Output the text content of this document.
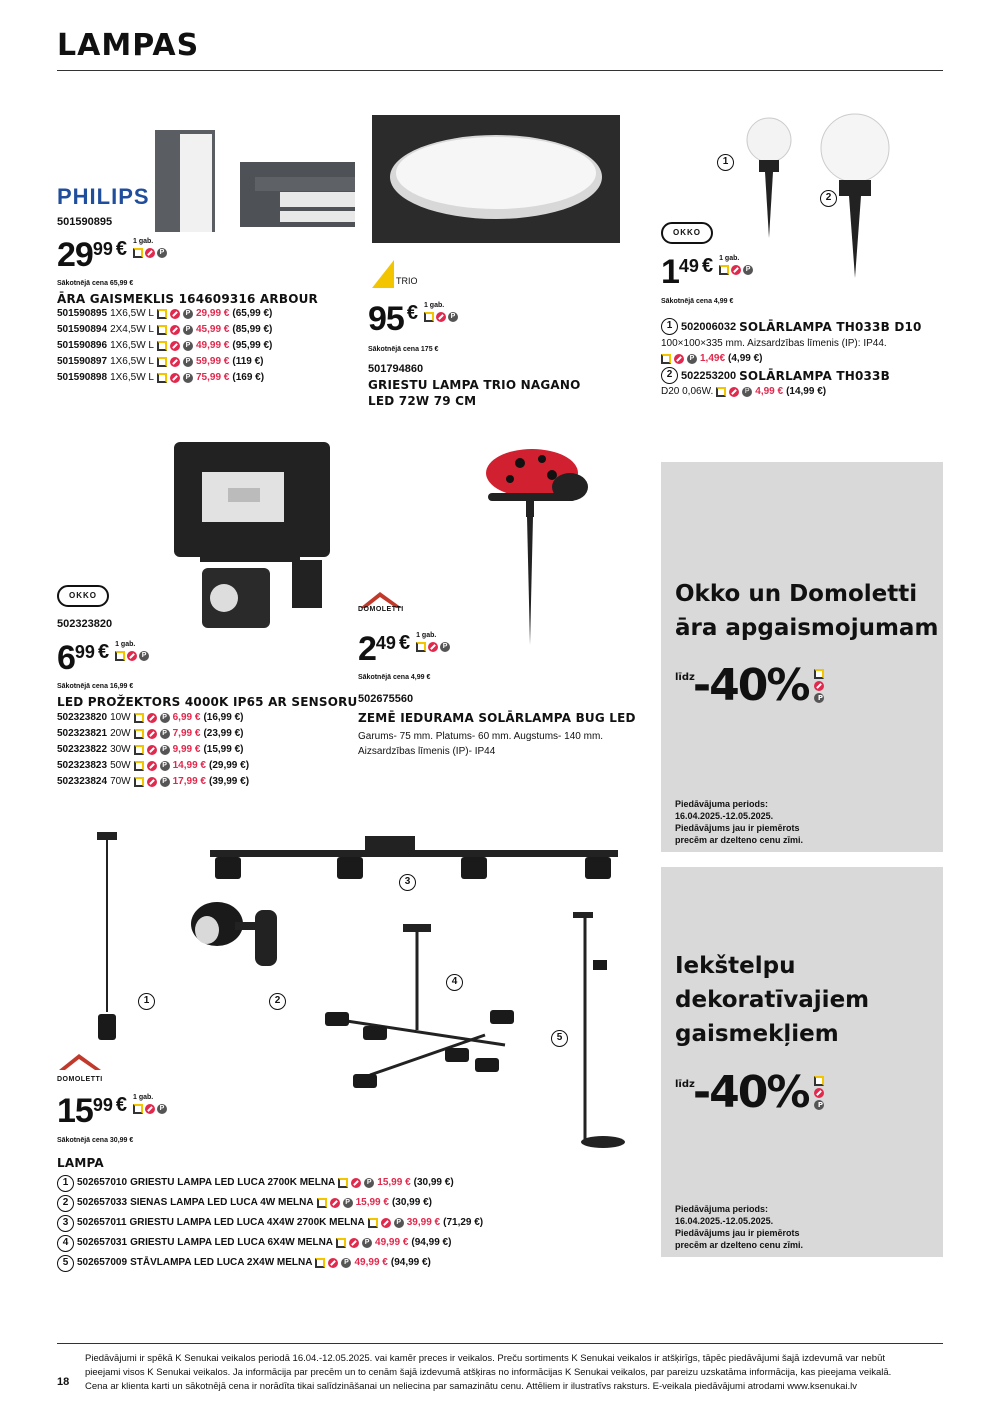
LAMPAS
PHILIPS
501590895
29 99 € 1 gab.
P
Sākotnējā cena 65,99 €
ĀRA GAISMEKLIS 164609316 ARBOUR
501590895 1X6,5W L	P 29,99 € (65,99 €)
501590894 2X4,5W L	P 45,99 € (85,99 €)
501590896 1X6,5W L	P 49,99 € (95,99 €)
501590897 1X6,5W L	P 59,99 € (119 €)
501590898 1X6,5W L	P 75,99 € (169 €)
TRIO
95 € 1 gab.
P
Sākotnējā cena 175 €
501794860
GRIESTU LAMPA TRIO NAGANO
LED 72W 79 CM
1
2
OKKO
1 49 € 1 gab.
P
Sākotnējā cena 4,99 €
1 502006032 SOLĀRLAMPA TH033B D10
100×100×335 mm. Aizsardzības līmenis (IP): IP44.
P 1,49€ (4,99 €)
2 502253200 SOLĀRLAMPA TH033B
D20 0,06W.	P 4,99 € (14,99 €)
OKKO
502323820
6 99 € 1 gab.
P
Sākotnējā cena 16,99 €
LED PROŽEKTORS 4000K IP65 AR SENSORU
502323820 10W	P 6,99 € (16,99 €)
502323821 20W	P 7,99 € (23,99 €)
502323822 30W	P 9,99 € (15,99 €)
502323823 50W	P 14,99 € (29,99 €)
502323824 70W	P 17,99 € (39,99 €)
DOMOLETTI
2 49 € 1 gab.
P
Sākotnējā cena 4,99 €
502675560
ZEMĒ IEDURAMA SOLĀRLAMPA BUG LED
Garums- 75 mm. Platums- 60 mm. Augstums- 140 mm.
Aizsardzības līmenis (IP)- IP44
Okko un Domoletti
āra apgaismojumam
līdz
-40%	P
Piedāvājuma periods:
16.04.2025.-12.05.2025.
Piedāvājums jau ir piemērots
precēm ar dzelteno cenu zīmi.
Iekštelpu
dekoratīvajiem
gaismekļiem
līdz
-40%	P
Piedāvājuma periods:
16.04.2025.-12.05.2025.
Piedāvājums jau ir piemērots
precēm ar dzelteno cenu zīmi.
1	2
3
4
5
DOMOLETTI
15 99 € 1 gab.
P
Sākotnējā cena 30,99 €
LAMPA
1 502657010 GRIESTU LAMPA LED LUCA 2700K MELNA	P 15,99 € (30,99 €)
2 502657033 SIENAS LAMPA LED LUCA 4W MELNA	P 15,99 € (30,99 €)
3 502657011 GRIESTU LAMPA LED LUCA 4X4W 2700K MELNA	P 39,99 € (71,29 €)
4 502657031 GRIESTU LAMPA LED LUCA 6X4W MELNA	P 49,99 € (94,99 €)
5 502657009 STĀVLAMPA LED LUCA 2X4W MELNA	P 49,99 € (94,99 €)
18
Piedāvājumi ir spēkā K Senukai veikalos periodā 16.04.-12.05.2025. vai kamēr preces ir veikalos. Preču sortiments K Senukai veikalos ir atšķirīgs, tāpēc piedāvājumi šajā izdevumā var nebūt
pieejami visos K Senukai veikalos. Ja informācija par precēm un to cenām šajā izdevumā atšķiras no informācijas K Senukai veikalos, par pareizu uzskatāma informācija, kas pieejama veikalā.
Cena ar klienta karti un sākotnējā cena ir norādīta tikai salīdzināšanai un neliecina par samazinātu cenu. Attēliem ir ilustratīvs raksturs. E-veikala piedāvājumi atrodami www.ksenukai.lv
